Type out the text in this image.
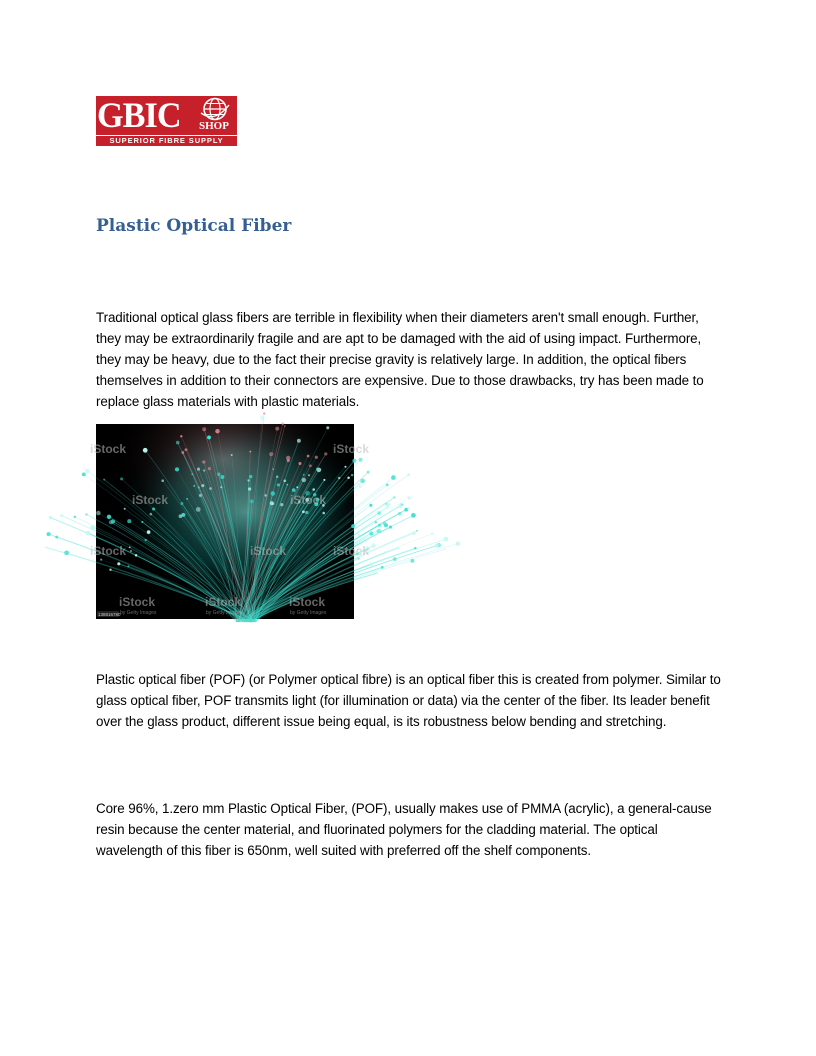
GBIC SHOP
SUPERIOR FIBRE SUPPLY
Plastic Optical Fiber

Traditional optical glass fibers are terrible in flexibility when their diameters aren't small enough. Further, they may be extraordinarily fragile and are apt to be damaged with the aid of using impact. Furthermore, they may be heavy, due to the fact their precise gravity is relatively large. In addition, the optical fibers themselves in addition to their connectors are expensive. Due to those drawbacks, try has been made to replace glass materials with plastic materials.

iStock	iStock
iStock	iStock
iStock	iStock	iStock
iStock	iStock	iStock
by Getty Images	by Getty Images	by Getty Images
138816780

Plastic optical fiber (POF) (or Polymer optical fibre) is an optical fiber this is created from polymer. Similar to glass optical fiber, POF transmits light (for illumination or data) via the center of the fiber. Its leader benefit over the glass product, different issue being equal, is its robustness below bending and stretching.

Core 96%, 1.zero mm Plastic Optical Fiber, (POF), usually makes use of PMMA (acrylic), a general-cause resin because the center material, and fluorinated polymers for the cladding material. The optical wavelength of this fiber is 650nm, well suited with preferred off the shelf components.
